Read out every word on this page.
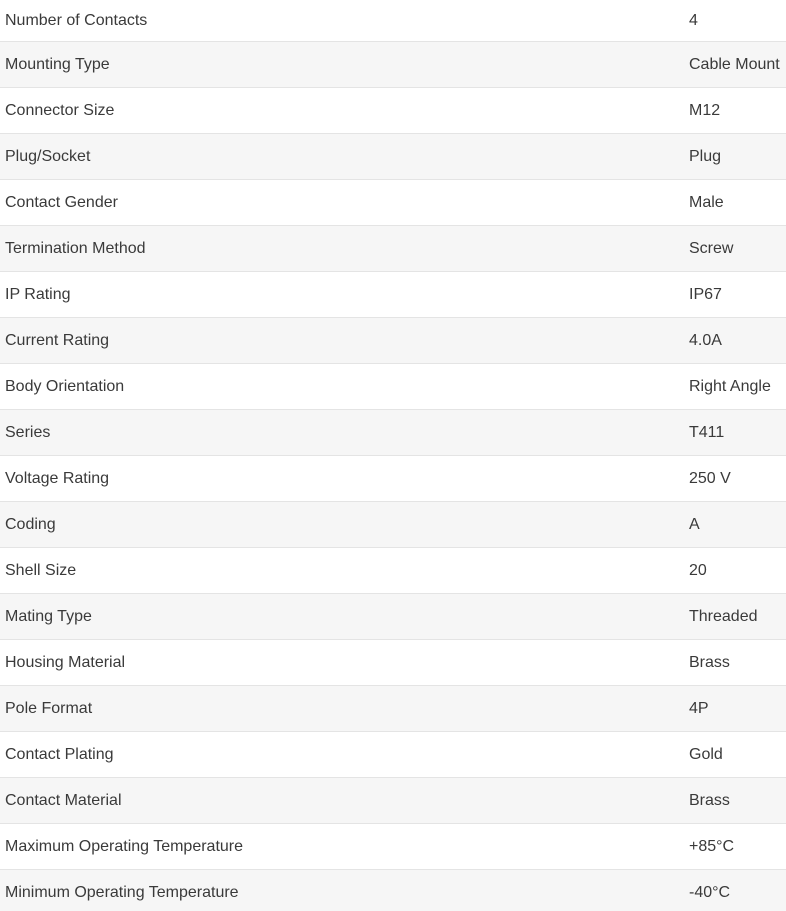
Number of Contacts	4
Mounting Type	Cable Mount
Connector Size	M12
Plug/Socket	Plug
Contact Gender	Male
Termination Method	Screw
IP Rating	IP67
Current Rating	4.0A
Body Orientation	Right Angle
Series	T411
Voltage Rating	250 V
Coding	A
Shell Size	20
Mating Type	Threaded
Housing Material	Brass
Pole Format	4P
Contact Plating	Gold
Contact Material	Brass
Maximum Operating Temperature	+85°C
Minimum Operating Temperature	-40°C
